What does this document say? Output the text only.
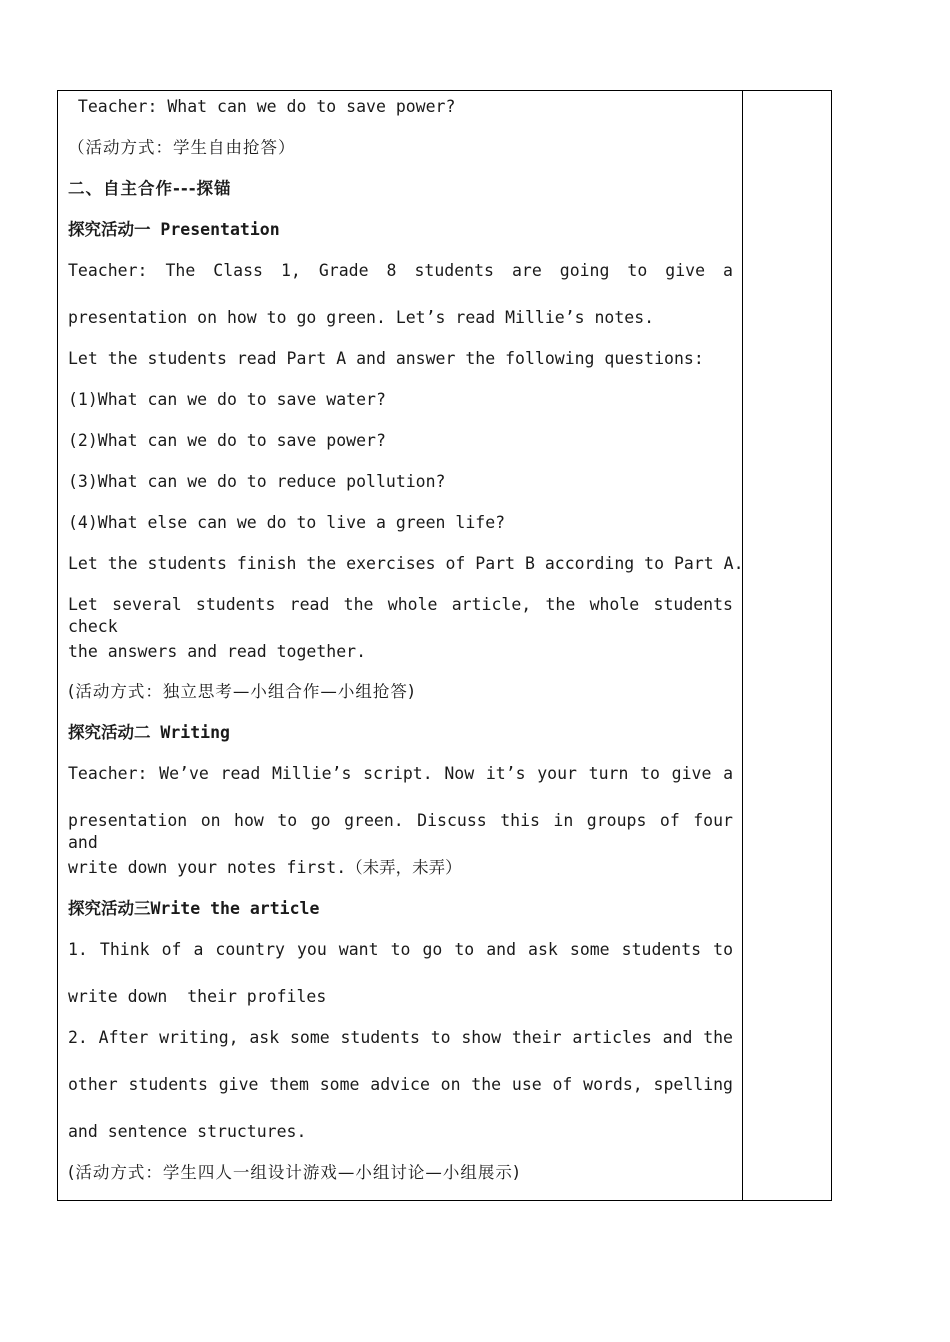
Teacher: What can we do to save power?
（活动方式：学生自由抢答）
二、自主合作---探锚
探究活动一 Presentation
Teacher: The Class 1, Grade 8 students are going to give a
presentation on how to go green. Let’s read Millie’s notes.
Let the students read Part A and answer the following questions:
(1)What can we do to save water?
(2)What can we do to save power?
(3)What can we do to reduce pollution?
(4)What else can we do to live a green life?
Let the students finish the exercises of Part B according to Part A.
Let several students read the whole article, the whole students check
the answers and read together.
(活动方式：独立思考—小组合作—小组抢答)
探究活动二 Writing
Teacher: We’ve read Millie’s script. Now it’s your turn to give a
presentation on how to go green. Discuss this in groups of four and
write down your notes first.（未弄，未弄）
探究活动三Write the article
1. Think of a country you want to go to and ask some students to
write down  their profiles
2. After writing, ask some students to show their articles and the
other students give them some advice on the use of words, spelling
and sentence structures.
(活动方式：学生四人一组设计游戏—小组讨论—小组展示)
